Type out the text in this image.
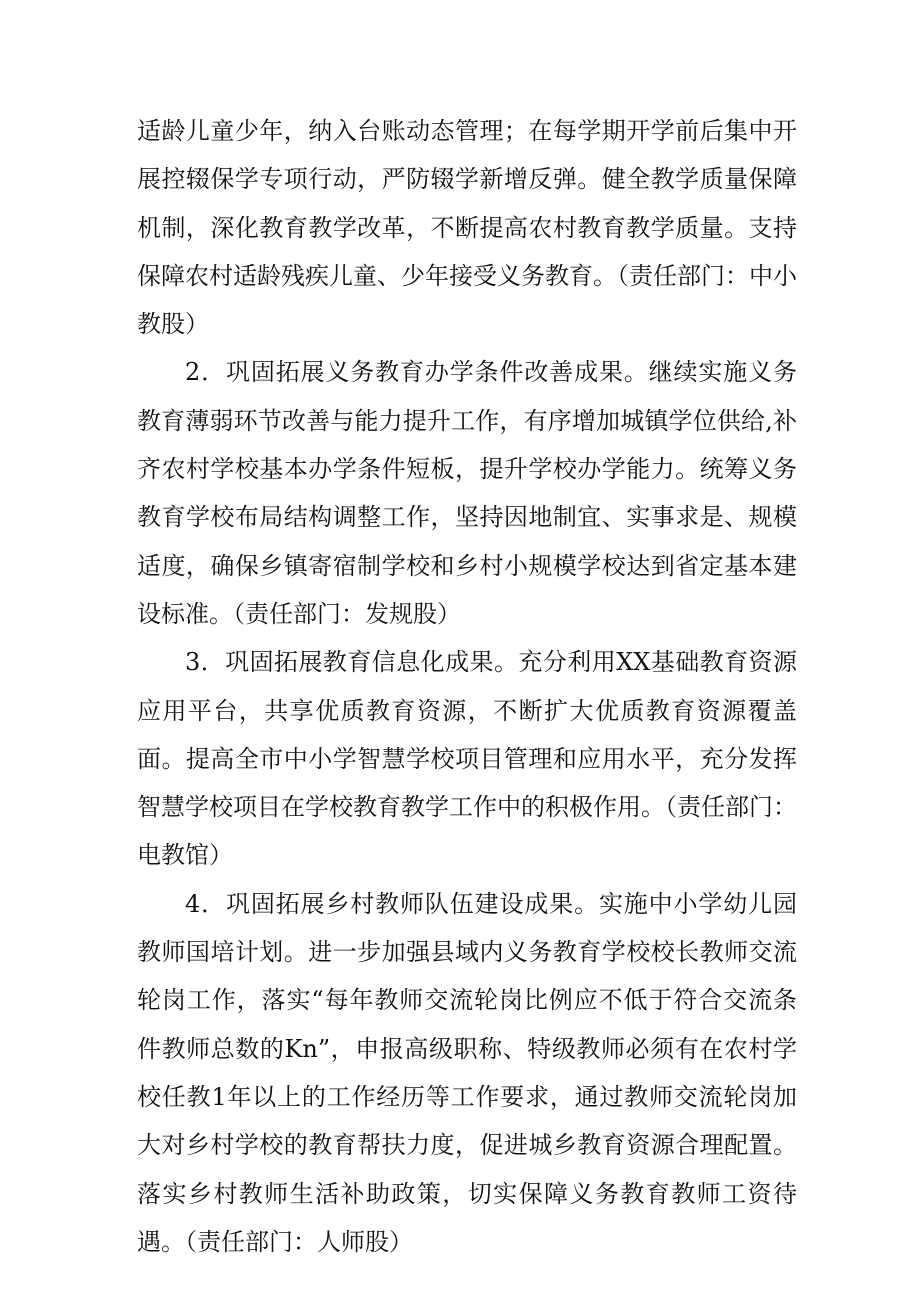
适龄儿童少年，纳入台账动态管理；在每学期开学前后集中开展控辍保学专项行动，严防辍学新增反弹。健全教学质量保障机制，深化教育教学改革，不断提高农村教育教学质量。支持保障农村适龄残疾儿童、少年接受义务教育。（责任部门：中小教股）

2．巩固拓展义务教育办学条件改善成果。继续实施义务教育薄弱环节改善与能力提升工作，有序增加城镇学位供给,补齐农村学校基本办学条件短板，提升学校办学能力。统筹义务教育学校布局结构调整工作，坚持因地制宜、实事求是、规模适度，确保乡镇寄宿制学校和乡村小规模学校达到省定基本建设标准。（责任部门：发规股）

3．巩固拓展教育信息化成果。充分利用XX基础教育资源应用平台，共享优质教育资源，不断扩大优质教育资源覆盖面。提高全市中小学智慧学校项目管理和应用水平，充分发挥智慧学校项目在学校教育教学工作中的积极作用。（责任部门：电教馆）

4．巩固拓展乡村教师队伍建设成果。实施中小学幼儿园教师国培计划。进一步加强县域内义务教育学校校长教师交流轮岗工作，落实“每年教师交流轮岗比例应不低于符合交流条件教师总数的Kn”，申报高级职称、特级教师必须有在农村学校任教1年以上的工作经历等工作要求，通过教师交流轮岗加大对乡村学校的教育帮扶力度，促进城乡教育资源合理配置。落实乡村教师生活补助政策，切实保障义务教育教师工资待遇。（责任部门：人师股）
